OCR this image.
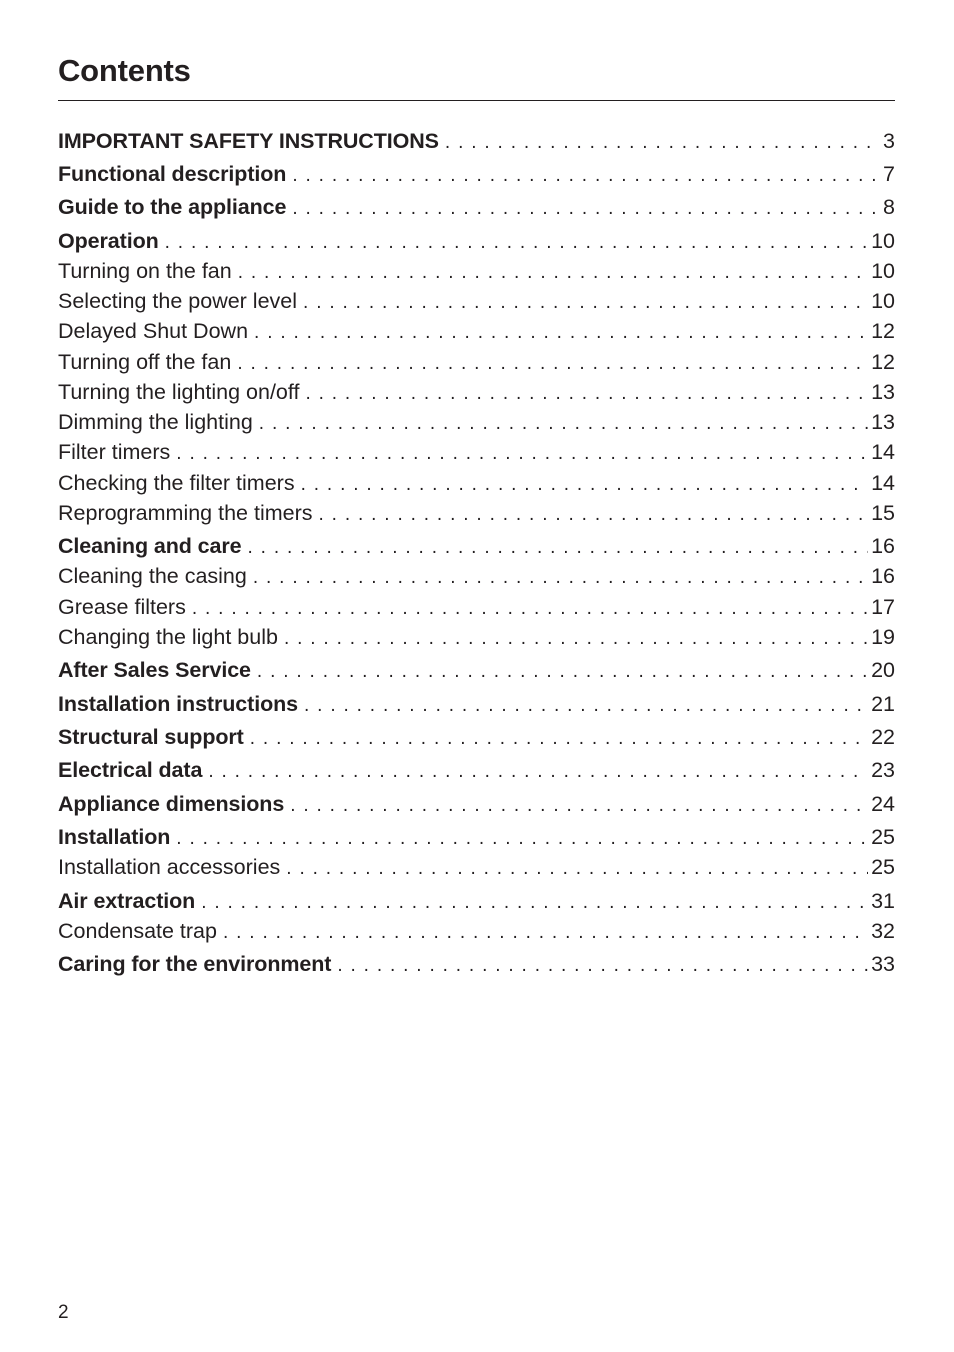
Contents
IMPORTANT SAFETY INSTRUCTIONS . . .	3
Functional description . . .	7
Guide to the appliance . . .	8
Operation . . .	10
Turning on the fan . . .	10
Selecting the power level . . .	10
Delayed Shut Down . . .	12
Turning off the fan . . .	12
Turning the lighting on/off . . .	13
Dimming the lighting . . .	13
Filter timers . . .	14
Checking the filter timers . . .	14
Reprogramming the timers . . .	15
Cleaning and care . . .	16
Cleaning the casing . . .	16
Grease filters . . .	17
Changing the light bulb . . .	19
After Sales Service . . .	20
Installation instructions . . .	21
Structural support . . .	22
Electrical data . . .	23
Appliance dimensions . . .	24
Installation . . .	25
Installation accessories . . .	25
Air extraction . . .	31
Condensate trap . . .	32
Caring for the environment . . .	33
2
